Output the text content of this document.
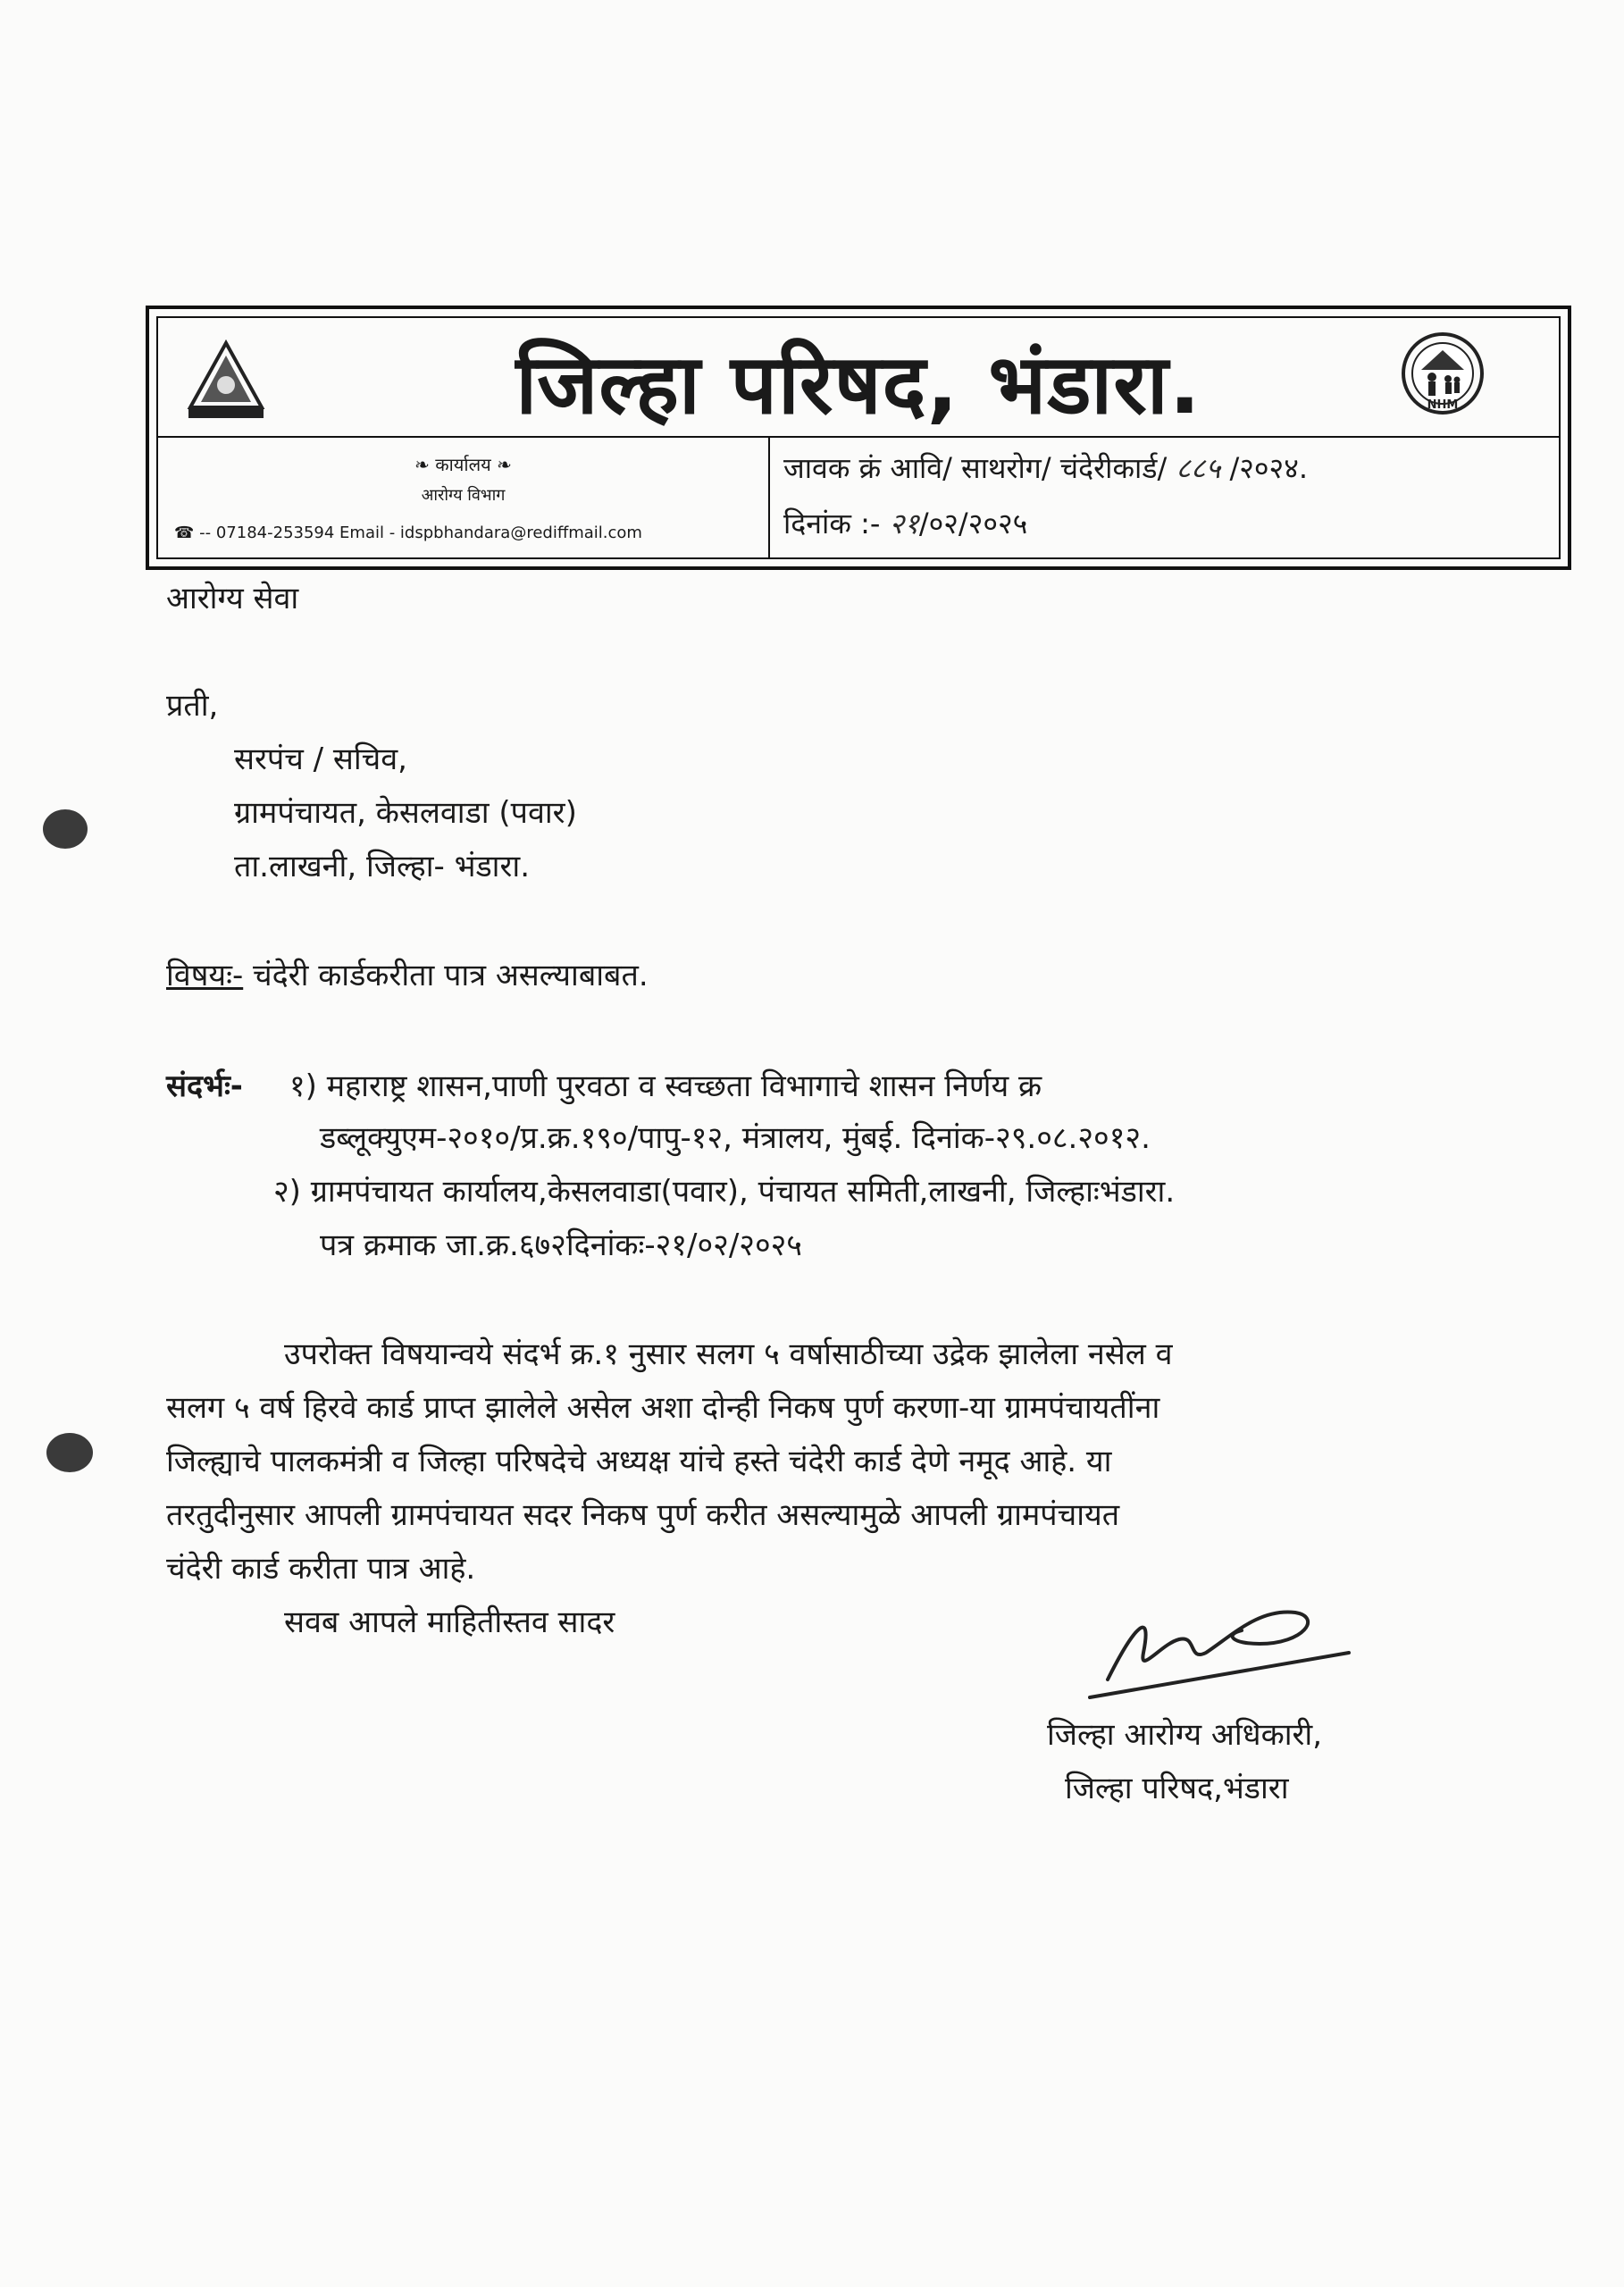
जिल्हा परिषद, भंडारा.	NHM
❧ कार्यालय ❧
आरोग्य विभाग
☎ -- 07184-253594 Email - idspbhandara@rediffmail.com
जावक क्रं आवि/ साथरोग/ चंदेरीकार्ड/ ८८५ /२०२४.
दिनांक :- २१/०२/२०२५
आरोग्य सेवा
प्रती,
सरपंच / सचिव,
ग्रामपंचायत, केसलवाडा (पवार)
ता.लाखनी, जिल्हा- भंडारा.
विषयः- चंदेरी कार्डकरीता पात्र असल्याबाबत.
संदर्भः- १) महाराष्ट्र शासन,पाणी पुरवठा व स्वच्छता विभागाचे शासन निर्णय क्र
डब्लूक्युएम-२०१०/प्र.क्र.१९०/पापु-१२, मंत्रालय, मुंबई. दिनांक-२९.०८.२०१२.
२) ग्रामपंचायत कार्यालय,केसलवाडा(पवार), पंचायत समिती,लाखनी, जिल्हाःभंडारा.
पत्र क्रमाक जा.क्र.६७२दिनांकः-२१/०२/२०२५
उपरोक्त विषयान्वये संदर्भ क्र.१ नुसार सलग ५ वर्षासाठीच्या उद्रेक झालेला नसेल व
सलग ५ वर्ष हिरवे कार्ड प्राप्त झालेले असेल अशा दोन्ही निकष पुर्ण करणा-या ग्रामपंचायतींना
जिल्ह्याचे पालकमंत्री व जिल्हा परिषदेचे अध्यक्ष यांचे हस्ते चंदेरी कार्ड देणे नमूद आहे. या
तरतुदीनुसार आपली ग्रामपंचायत सदर निकष पुर्ण करीत असल्यामुळे आपली ग्रामपंचायत
चंदेरी कार्ड करीता पात्र आहे.
सवब आपले माहितीस्तव सादर
जिल्हा आरोग्य अधिकारी,
जिल्हा परिषद,भंडारा
